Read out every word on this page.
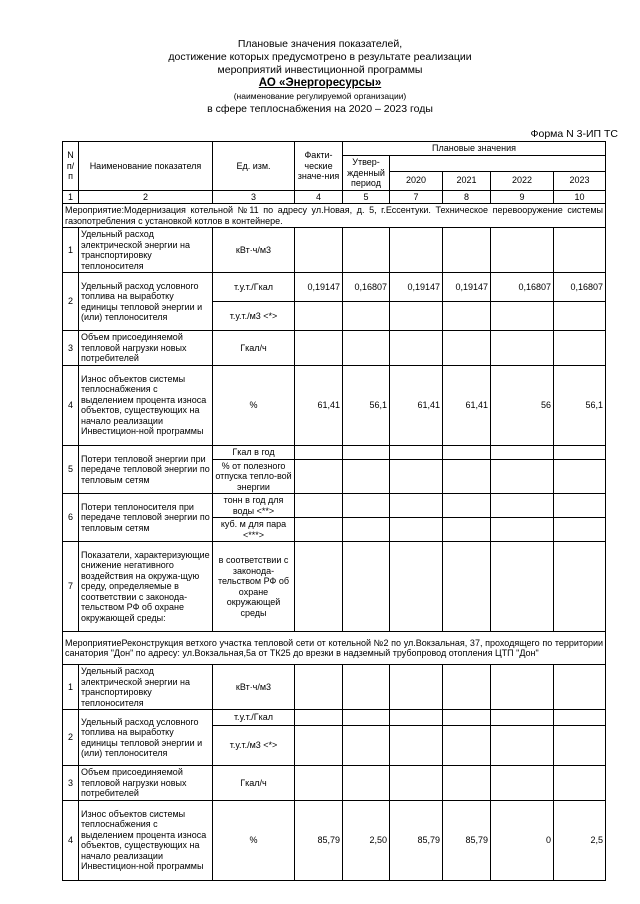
Плановые значения показателей,
достижение которых предусмотрено в результате реализации
мероприятий инвестиционной программы
АО «Энергоресурсы»
(наименование регулируемой организации)
в сфере теплоснабжения на 2020 – 2023 годы
Форма N 3-ИП ТС
N п/п	Наименование показателя	Ед. изм.	Факти-ческие значе-ния	Плановые значения				
				Утвер-жденный период				
					2020	2021	2022	2023
1	2	3	4	5	7	8	9	10
Мероприятие:Модернизация котельной №11 по адресу ул.Новая, д. 5, г.Ессентуки. Техническое перевооружение системы газопотребления с установкой котлов в контейнере.								
1	Удельный расход электрической энергии на транспортировку теплоносителя	кВт·ч/м3						
2	Удельный расход условного топлива на выработку единицы тепловой энергии и (или) теплоносителя	т.у.т./Гкал	0,19147	0,16807	0,19147	0,19147	0,16807	0,16807
		т.у.т./м3 <*>						
3	Объем присоединяемой тепловой нагрузки новых потребителей	Гкал/ч						
4	Износ объектов системы теплоснабжения с выделением процента износа объектов, существующих на начало реализации Инвестицион-ной программы	%	61,41	56,1	61,41	61,41	56	56,1
5	Потери тепловой энергии при передаче тепловой энергии по тепловым сетям	Гкал в год						
		% от полезного отпуска тепло-вой энергии						
6	Потери теплоносителя при передаче тепловой энергии по тепловым сетям	тонн в год для воды <**>						
		куб. м для пара <***>						
7	Показатели, характеризующие снижение негативного воздействия на окружа-щую среду, определяемые в соответствии с законода-тельством РФ об охране окружающей среды:	в соответствии с законода-тельством РФ об охране окружающей среды						
МероприятиеРеконструкция ветхого участка тепловой сети от котельной №2 по ул.Вокзальная, 37, проходящего по территории санатория "Дон" по адресу: ул.Вокзальная,5а от ТК25 до врезки в надземный трубопровод отопления ЦТП "Дон"								
1	Удельный расход электрической энергии на транспортировку теплоносителя	кВт·ч/м3						
2	Удельный расход условного топлива на выработку единицы тепловой энергии и (или) теплоносителя	т.у.т./Гкал						
		т.у.т./м3 <*>						
3	Объем присоединяемой тепловой нагрузки новых потребителей	Гкал/ч						
4	Износ объектов системы теплоснабжения с выделением процента износа объектов, существующих на начало реализации Инвестицион-ной программы	%	85,79	2,50	85,79	85,79	0	2,5
